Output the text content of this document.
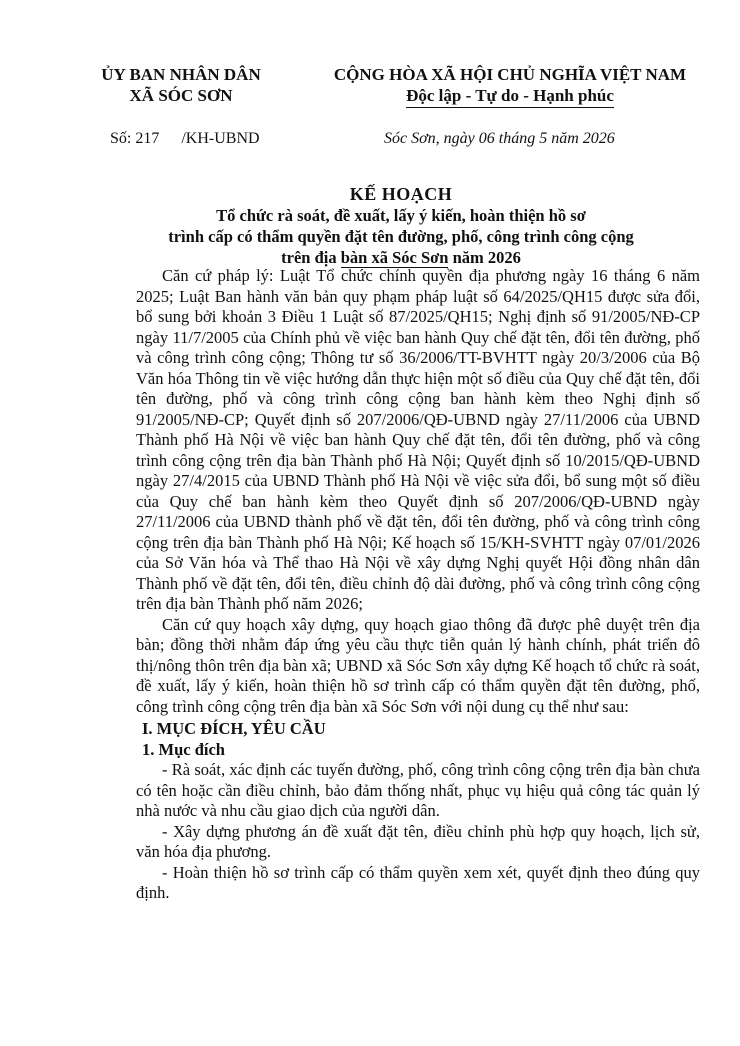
ỦY BAN NHÂN DÂN
XÃ SÓC SƠN
CỘNG HÒA XÃ HỘI CHỦ NGHĨA VIỆT NAM
Độc lập - Tự do - Hạnh phúc
Số: 217 /KH-UBND	Sóc Sơn, ngày 06 tháng 5 năm 2026
KẾ HOẠCH
Tổ chức rà soát, đề xuất, lấy ý kiến, hoàn thiện hồ sơ
trình cấp có thẩm quyền đặt tên đường, phố, công trình công cộng
trên địa bàn xã Sóc Sơn năm 2026

Căn cứ pháp lý: Luật Tổ chức chính quyền địa phương ngày 16 tháng 6 năm 2025; Luật Ban hành văn bản quy phạm pháp luật số 64/2025/QH15 được sửa đổi, bổ sung bởi khoản 3 Điều 1 Luật số 87/2025/QH15; Nghị định số 91/2005/NĐ-CP ngày 11/7/2005 của Chính phủ về việc ban hành Quy chế đặt tên, đổi tên đường, phố và công trình công cộng; Thông tư số 36/2006/TT-BVHTT ngày 20/3/2006 của Bộ Văn hóa Thông tin về việc hướng dẫn thực hiện một số điều của Quy chế đặt tên, đổi tên đường, phố và công trình công cộng ban hành kèm theo Nghị định số 91/2005/NĐ-CP; Quyết định số 207/2006/QĐ-UBND ngày 27/11/2006 của UBND Thành phố Hà Nội về việc ban hành Quy chế đặt tên, đổi tên đường, phố và công trình công cộng trên địa bàn Thành phố Hà Nội; Quyết định số 10/2015/QĐ-UBND ngày 27/4/2015 của UBND Thành phố Hà Nội về việc sửa đổi, bổ sung một số điều của Quy chế ban hành kèm theo Quyết định số 207/2006/QĐ-UBND ngày 27/11/2006 của UBND thành phố về đặt tên, đổi tên đường, phố và công trình công cộng trên địa bàn Thành phố Hà Nội; Kế hoạch số 15/KH-SVHTT ngày 07/01/2026 của Sở Văn hóa và Thể thao Hà Nội về xây dựng Nghị quyết Hội đồng nhân dân Thành phố về đặt tên, đổi tên, điều chỉnh độ dài đường, phố và công trình công cộng trên địa bàn Thành phố năm 2026;

Căn cứ quy hoạch xây dựng, quy hoạch giao thông đã được phê duyệt trên địa bàn; đồng thời nhằm đáp ứng yêu cầu thực tiễn quản lý hành chính, phát triển đô thị/nông thôn trên địa bàn xã; UBND xã Sóc Sơn xây dựng Kế hoạch tổ chức rà soát, đề xuất, lấy ý kiến, hoàn thiện hồ sơ trình cấp có thẩm quyền đặt tên đường, phố, công trình công cộng trên địa bàn xã Sóc Sơn với nội dung cụ thể như sau:

I. MỤC ĐÍCH, YÊU CẦU

1. Mục đích

- Rà soát, xác định các tuyến đường, phố, công trình công cộng trên địa bàn chưa có tên hoặc cần điều chỉnh, bảo đảm thống nhất, phục vụ hiệu quả công tác quản lý nhà nước và nhu cầu giao dịch của người dân.

- Xây dựng phương án đề xuất đặt tên, điều chỉnh phù hợp quy hoạch, lịch sử, văn hóa địa phương.

- Hoàn thiện hồ sơ trình cấp có thẩm quyền xem xét, quyết định theo đúng quy định.
